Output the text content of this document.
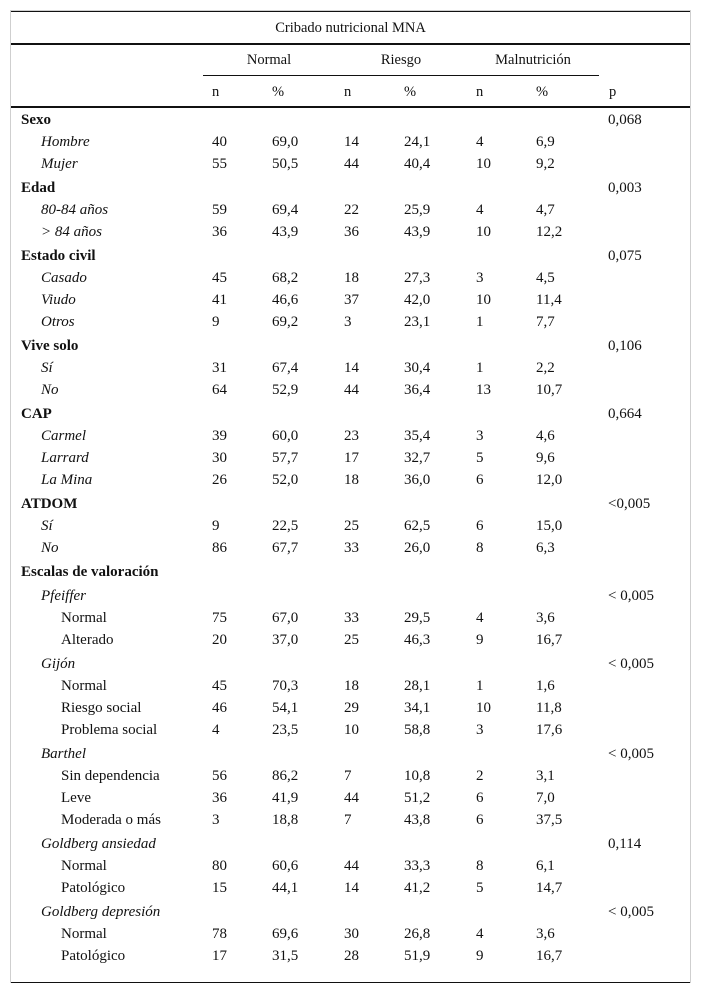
Cribado nutricional MNA
Normal	Riesgo	Malnutrición
n	%	n	%	n	%	p
Sexo	0,068
Hombre	40	69,0	14	24,1	4	6,9
Mujer	55	50,5	44	40,4	10	9,2
Edad	0,003
80-84 años	59	69,4	22	25,9	4	4,7
> 84 años	36	43,9	36	43,9	10	12,2
Estado civil	0,075
Casado	45	68,2	18	27,3	3	4,5
Viudo	41	46,6	37	42,0	10	11,4
Otros	9	69,2	3	23,1	1	7,7
Vive solo	0,106
Sí	31	67,4	14	30,4	1	2,2
No	64	52,9	44	36,4	13	10,7
CAP	0,664
Carmel	39	60,0	23	35,4	3	4,6
Larrard	30	57,7	17	32,7	5	9,6
La Mina	26	52,0	18	36,0	6	12,0
ATDOM	<0,005
Sí	9	22,5	25	62,5	6	15,0
No	86	67,7	33	26,0	8	6,3
Escalas de valoración
Pfeiffer	< 0,005
Normal	75	67,0	33	29,5	4	3,6
Alterado	20	37,0	25	46,3	9	16,7
Gijón	< 0,005
Normal	45	70,3	18	28,1	1	1,6
Riesgo social	46	54,1	29	34,1	10	11,8
Problema social	4	23,5	10	58,8	3	17,6
Barthel	< 0,005
Sin dependencia	56	86,2	7	10,8	2	3,1
Leve	36	41,9	44	51,2	6	7,0
Moderada o más	3	18,8	7	43,8	6	37,5
Goldberg ansiedad	0,114
Normal	80	60,6	44	33,3	8	6,1
Patológico	15	44,1	14	41,2	5	14,7
Goldberg depresión	< 0,005
Normal	78	69,6	30	26,8	4	3,6
Patológico	17	31,5	28	51,9	9	16,7
